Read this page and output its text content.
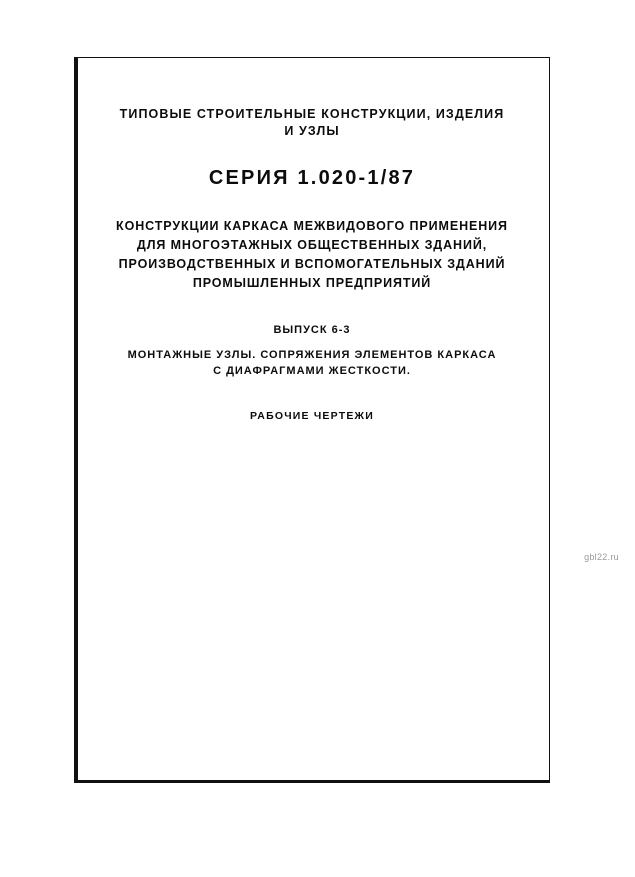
ТИПОВЫЕ СТРОИТЕЛЬНЫЕ КОНСТРУКЦИИ, ИЗДЕЛИЯ
И УЗЛЫ
СЕРИЯ 1.020-1/87
КОНСТРУКЦИИ КАРКАСА МЕЖВИДОВОГО ПРИМЕНЕНИЯ
ДЛЯ МНОГОЭТАЖНЫХ ОБЩЕСТВЕННЫХ ЗДАНИЙ,
ПРОИЗВОДСТВЕННЫХ И ВСПОМОГАТЕЛЬНЫХ ЗДАНИЙ
ПРОМЫШЛЕННЫХ ПРЕДПРИЯТИЙ
ВЫПУСК 6-3
МОНТАЖНЫЕ УЗЛЫ. СОПРЯЖЕНИЯ ЭЛЕМЕНТОВ КАРКАСА
С ДИАФРАГМАМИ ЖЕСТКОСТИ.
РАБОЧИЕ ЧЕРТЕЖИ
gbl22.ru
